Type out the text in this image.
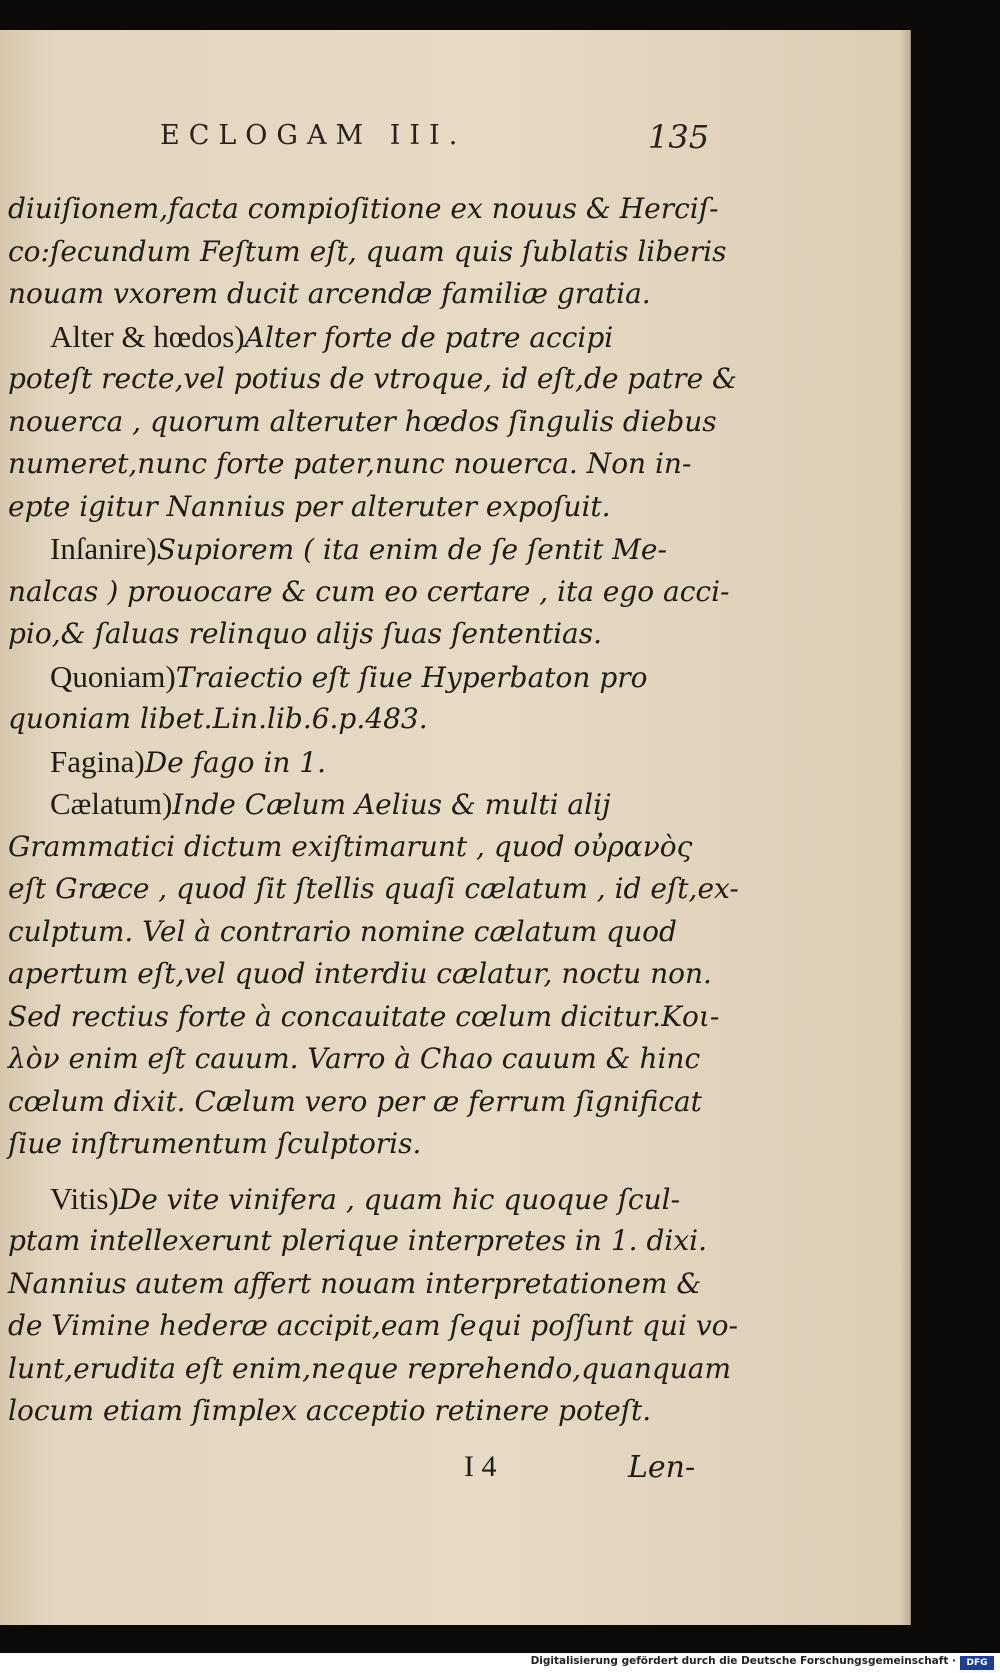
ECLOGAM III.	135
diuiſionem,facta compioſitione ex nouus & Herciſ-
co:ſecundum Feſtum eſt, quam quis ſublatis liberis
nouam vxorem ducit arcendæ familiæ gratia.
Alter & hœdos)Alter forte de patre accipi
poteſt recte,vel potius de vtroque, id eſt,de patre &
nouerca , quorum alteruter hœdos ſingulis diebus
numeret,nunc forte pater,nunc nouerca. Non in-
epte igitur Nannius per alteruter expoſuit.
Inſanire)Supiorem ( ita enim de ſe ſentit Me-
nalcas ) prouocare & cum eo certare , ita ego acci-
pio,& ſaluas relinquo alijs ſuas ſententias.
Quoniam)Traiectio eſt ſiue Hyperbaton pro
quoniam libet.Lin.lib.6.p.483.
Fagina)De fago in 1.
Cælatum)Inde Cælum Aelius & multi alij
Grammatici dictum exiſtimarunt , quod οὐρανὸς
eſt Græce , quod ſit ſtellis quaſi cælatum , id eſt,ex-
culptum. Vel à contrario nomine cælatum quod
apertum eſt,vel quod interdiu cælatur, noctu non.
Sed rectius forte à concauitate cœlum dicitur.Κοι-
λὸν enim eſt cauum. Varro à Chao cauum & hinc
cœlum dixit. Cælum vero per æ ferrum ſignificat
ſiue inſtrumentum ſculptoris.
Vitis)De vite vinifera , quam hic quoque ſcul-
ptam intellexerunt plerique interpretes in 1. dixi.
Nannius autem affert nouam interpretationem &
de Vimine hederæ accipit,eam ſequi poſſunt qui vo-
lunt,erudita eſt enim,neque reprehendo,quanquam
locum etiam ſimplex acceptio retinere poteſt.
I 4	Len-
Digitalisierung gefördert durch die Deutsche Forschungsgemeinschaft ·	DFG
